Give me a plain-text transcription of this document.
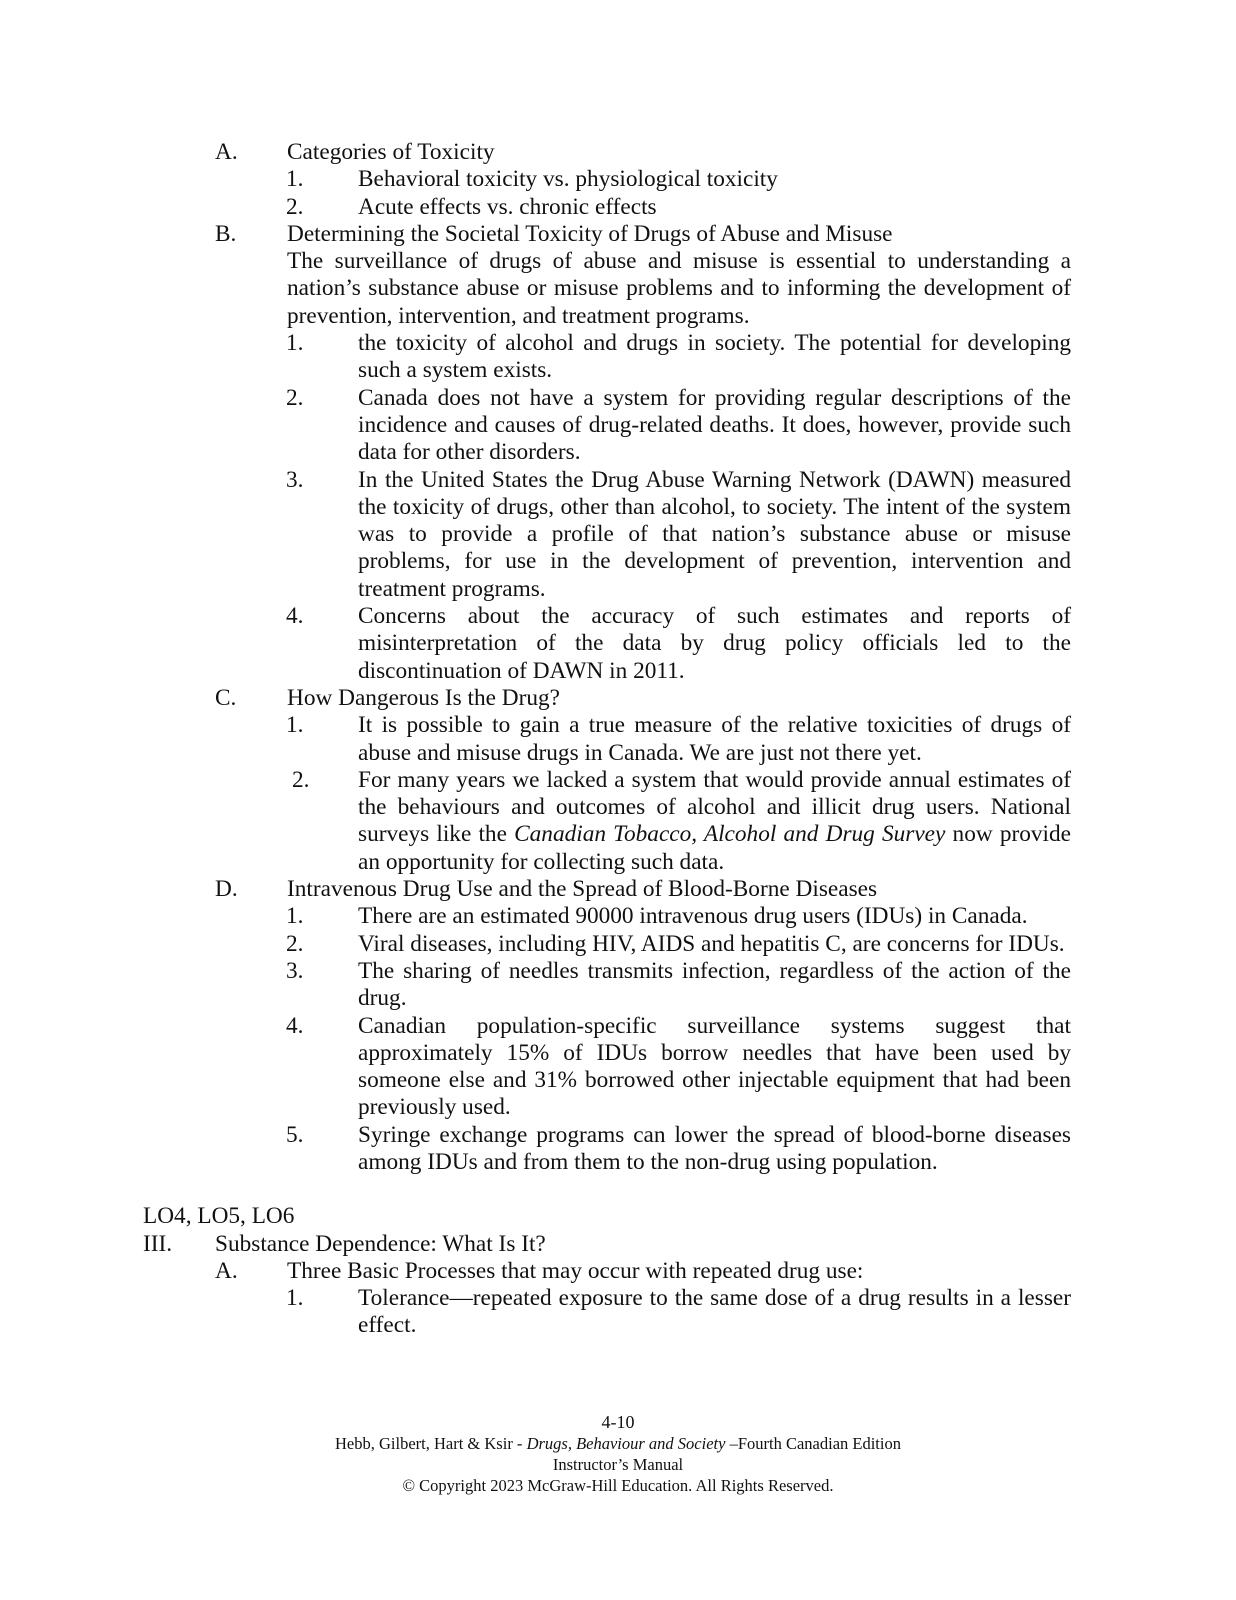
A. Categories of Toxicity
1. Behavioral toxicity vs. physiological toxicity
2. Acute effects vs. chronic effects
B. Determining the Societal Toxicity of Drugs of Abuse and Misuse
The surveillance of drugs of abuse and misuse is essential to understanding a nation’s substance abuse or misuse problems and to informing the development of prevention, intervention, and treatment programs.
1. the toxicity of alcohol and drugs in society. The potential for developing such a system exists.
2. Canada does not have a system for providing regular descriptions of the incidence and causes of drug-related deaths. It does, however, provide such data for other disorders.
3. In the United States the Drug Abuse Warning Network (DAWN) measured the toxicity of drugs, other than alcohol, to society. The intent of the system was to provide a profile of that nation’s substance abuse or misuse problems, for use in the development of prevention, intervention and treatment programs.
4. Concerns about the accuracy of such estimates and reports of misinterpretation of the data by drug policy officials led to the discontinuation of DAWN in 2011.
C. How Dangerous Is the Drug?
1. It is possible to gain a true measure of the relative toxicities of drugs of abuse and misuse drugs in Canada. We are just not there yet.
2. For many years we lacked a system that would provide annual estimates of the behaviours and outcomes of alcohol and illicit drug users. National surveys like the Canadian Tobacco, Alcohol and Drug Survey now provide an opportunity for collecting such data.
D. Intravenous Drug Use and the Spread of Blood-Borne Diseases
1. There are an estimated 90000 intravenous drug users (IDUs) in Canada.
2. Viral diseases, including HIV, AIDS and hepatitis C, are concerns for IDUs.
3. The sharing of needles transmits infection, regardless of the action of the drug.
4. Canadian population-specific surveillance systems suggest that approximately 15% of IDUs borrow needles that have been used by someone else and 31% borrowed other injectable equipment that had been previously used.
5. Syringe exchange programs can lower the spread of blood-borne diseases among IDUs and from them to the non-drug using population.
LO4, LO5, LO6
III. Substance Dependence: What Is It?
A. Three Basic Processes that may occur with repeated drug use:
1. Tolerance—repeated exposure to the same dose of a drug results in a lesser effect.
4-10
Hebb, Gilbert, Hart & Ksir - Drugs, Behaviour and Society –Fourth Canadian Edition
Instructor’s Manual
© Copyright 2023 McGraw-Hill Education. All Rights Reserved.
